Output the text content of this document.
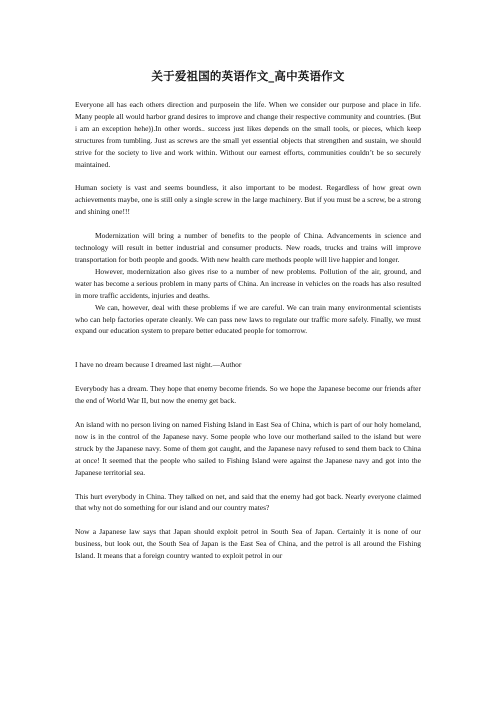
关于爱祖国的英语作文_高中英语作文

Everyone all has each others direction and purposein the life. When we consider our purpose and place in life. Many people all would harbor grand desires to improve and change their respective community and countries. (But i am an exception hehe)).In other words.. success just likes depends on the small tools, or pieces, which keep structures from tumbling. Just as screws are the small yet essential objects that strengthen and sustain, we should strive for the society to live and work within. Without our earnest efforts, communities couldn’t be so securely maintained.

Human society is vast and seems boundless, it also important to be modest. Regardless of how great own achievements maybe, one is still only a single screw in the large machinery. But if you must be a screw, be a strong and shining one!!!

Modernization will bring a number of benefits to the people of China. Advancements in science and technology will result in better industrial and consumer products. New roads, trucks and trains will improve transportation for both people and goods. With new health care methods people will live happier and longer.

However, modernization also gives rise to a number of new problems. Pollution of the air, ground, and water has become a serious problem in many parts of China. An increase in vehicles on the roads has also resulted in more traffic accidents, injuries and deaths.

We can, however, deal with these problems if we are careful. We can train many environmental scientists who can help factories operate cleanly. We can pass new laws to regulate our traffic more safely. Finally, we must expand our education system to prepare better educated people for tomorrow.

I have no dream because I dreamed last night.—Author

Everybody has a dream. They hope that enemy become friends. So we hope the Japanese become our friends after the end of World War II, but now the enemy get back.

An island with no person living on named Fishing Island in East Sea of China, which is part of our holy homeland, now is in the control of the Japanese navy. Some people who love our motherland sailed to the island but were struck by the Japanese navy. Some of them got caught, and the Japanese navy refused to send them back to China at once! It seemed that the people who sailed to Fishing Island were against the Japanese navy and got into the Japanese territorial sea.

This hurt everybody in China. They talked on net, and said that the enemy had got back. Nearly everyone claimed that why not do something for our island and our country mates?

Now a Japanese law says that Japan should exploit petrol in South Sea of Japan. Certainly it is none of our business, but look out, the South Sea of Japan is the East Sea of China, and the petrol is all around the Fishing Island. It means that a foreign country wanted to exploit petrol in our
